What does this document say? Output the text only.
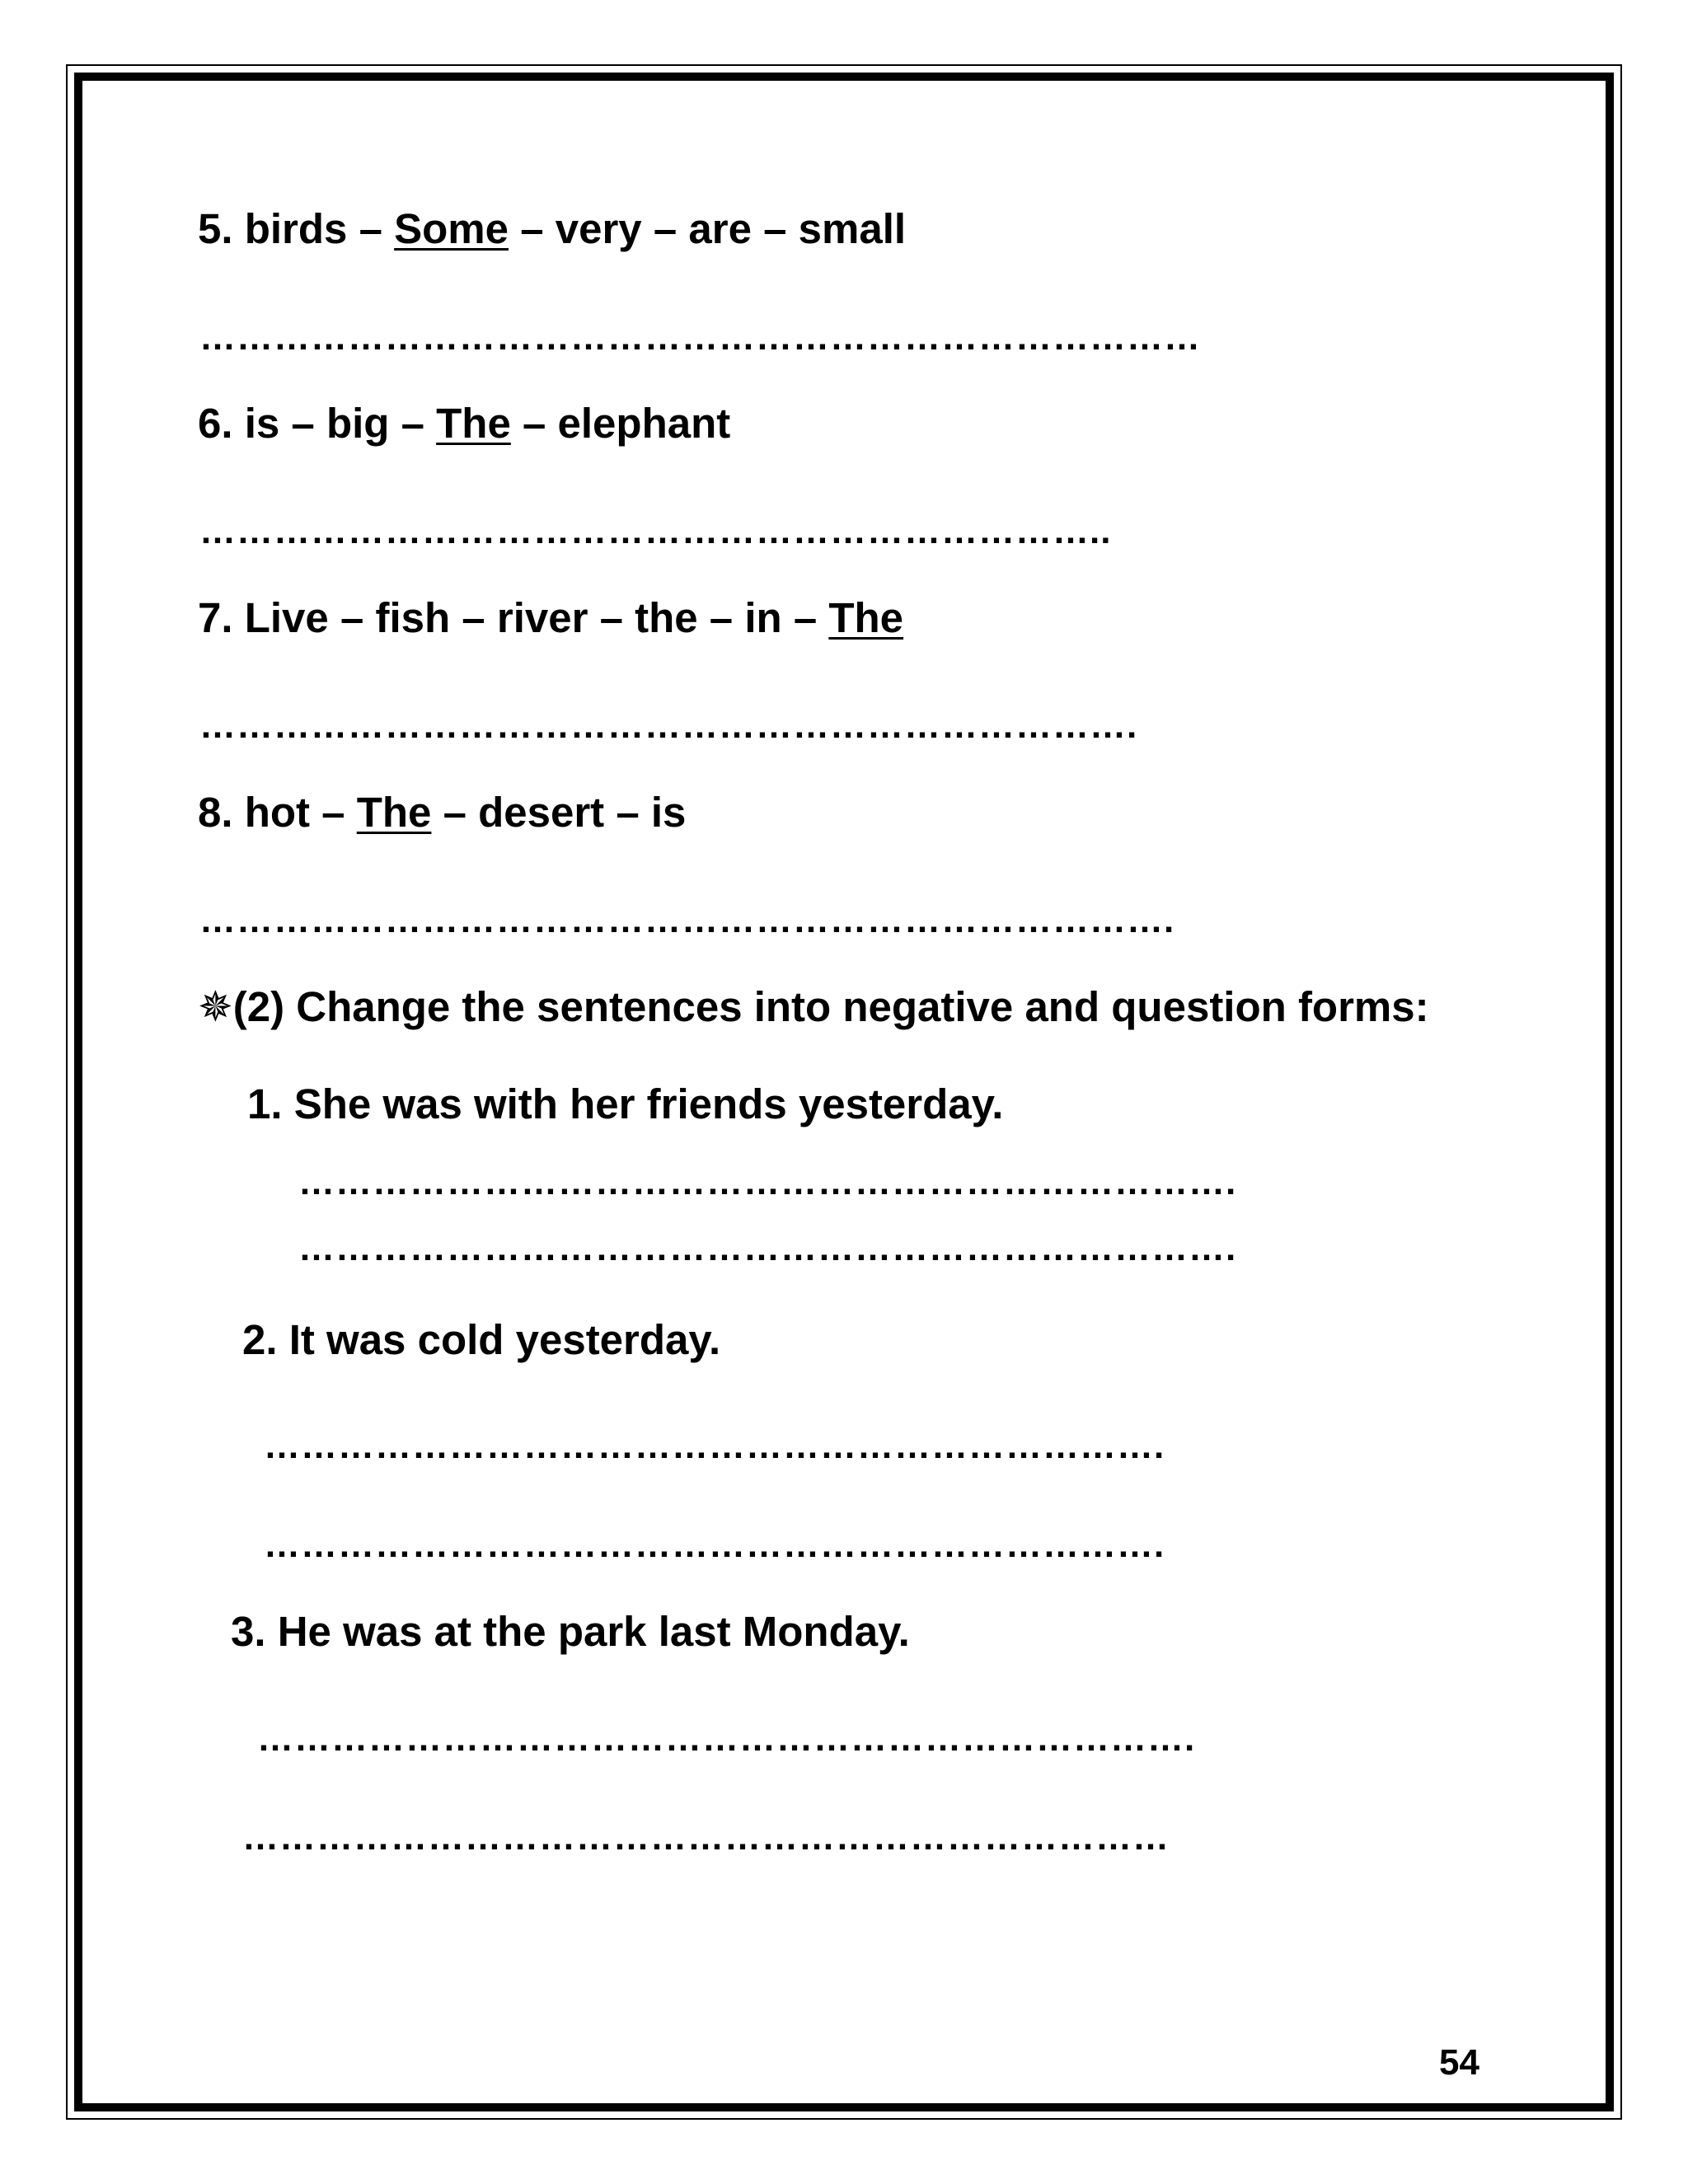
5. birds – Some – very – are – small
………………………………………………………………………
6. is – big – The – elephant
………………………………………………………………..
7. Live – fish – river – the – in – The
………………………………………………………………….
8. hot – The – desert – is
…………………………………………………………………….
✵(2) Change the sentences into negative and question forms:
1. She was with her friends yesterday.
………………………………………………………………….
………………………………………………………………….
2. It was cold yesterday.
……………………………………………………………….
……………………………………………………………….
3. He was at the park last Monday.
………………………………………………………………….
…………………………………………………………………
54
